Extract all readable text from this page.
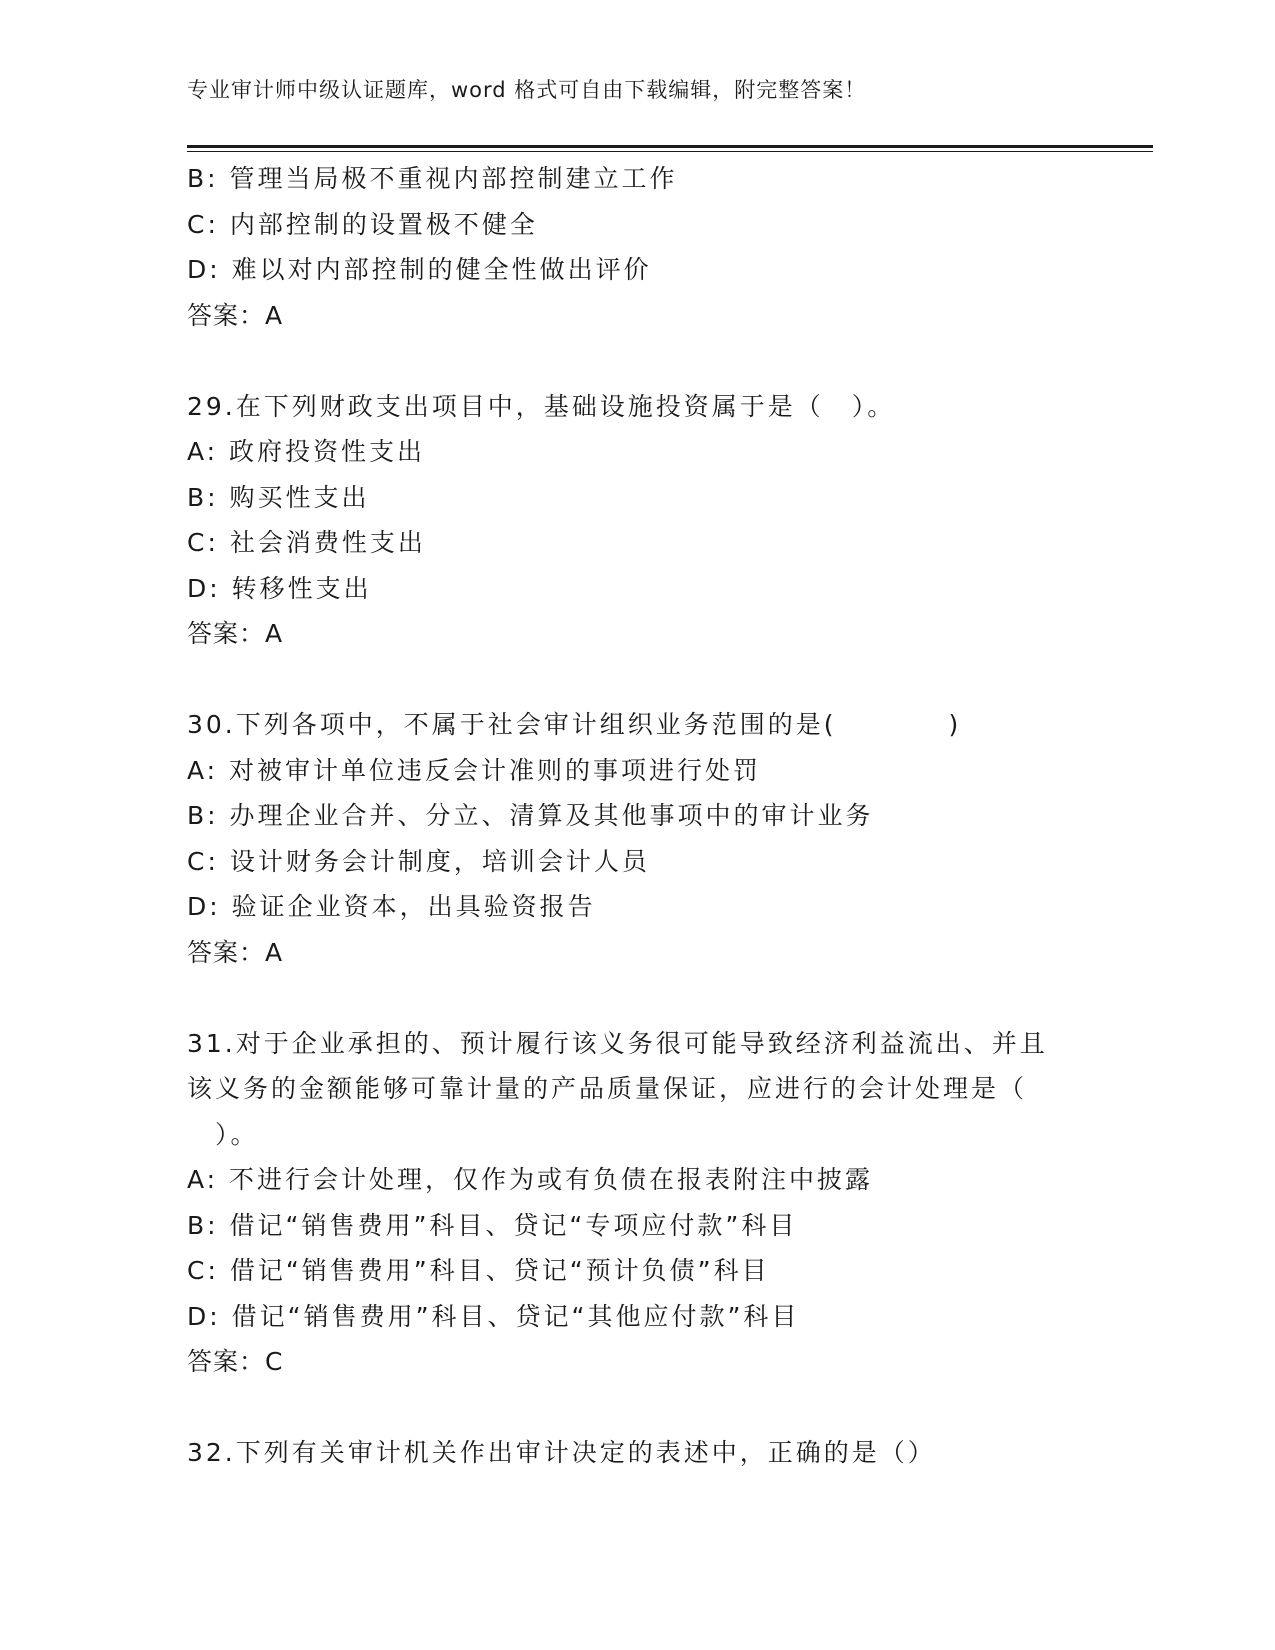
专业审计师中级认证题库，word 格式可自由下载编辑，附完整答案！
B: 管理当局极不重视内部控制建立工作
C: 内部控制的设置极不健全
D: 难以对内部控制的健全性做出评价
答案：A
29.在下列财政支出项目中，基础设施投资属于是（　）。
A: 政府投资性支出
B: 购买性支出
C: 社会消费性支出
D: 转移性支出
答案：A
30.下列各项中，不属于社会审计组织业务范围的是(　　　　)
A: 对被审计单位违反会计准则的事项进行处罚
B: 办理企业合并、分立、清算及其他事项中的审计业务
C: 设计财务会计制度，培训会计人员
D: 验证企业资本，出具验资报告
答案：A
31.对于企业承担的、预计履行该义务很可能导致经济利益流出、并且
该义务的金额能够可靠计量的产品质量保证，应进行的会计处理是（
）。
A: 不进行会计处理，仅作为或有负债在报表附注中披露
B: 借记“销售费用”科目、贷记“专项应付款”科目
C: 借记“销售费用”科目、贷记“预计负债”科目
D: 借记“销售费用”科目、贷记“其他应付款”科目
答案：C
32.下列有关审计机关作出审计决定的表述中，正确的是（）
